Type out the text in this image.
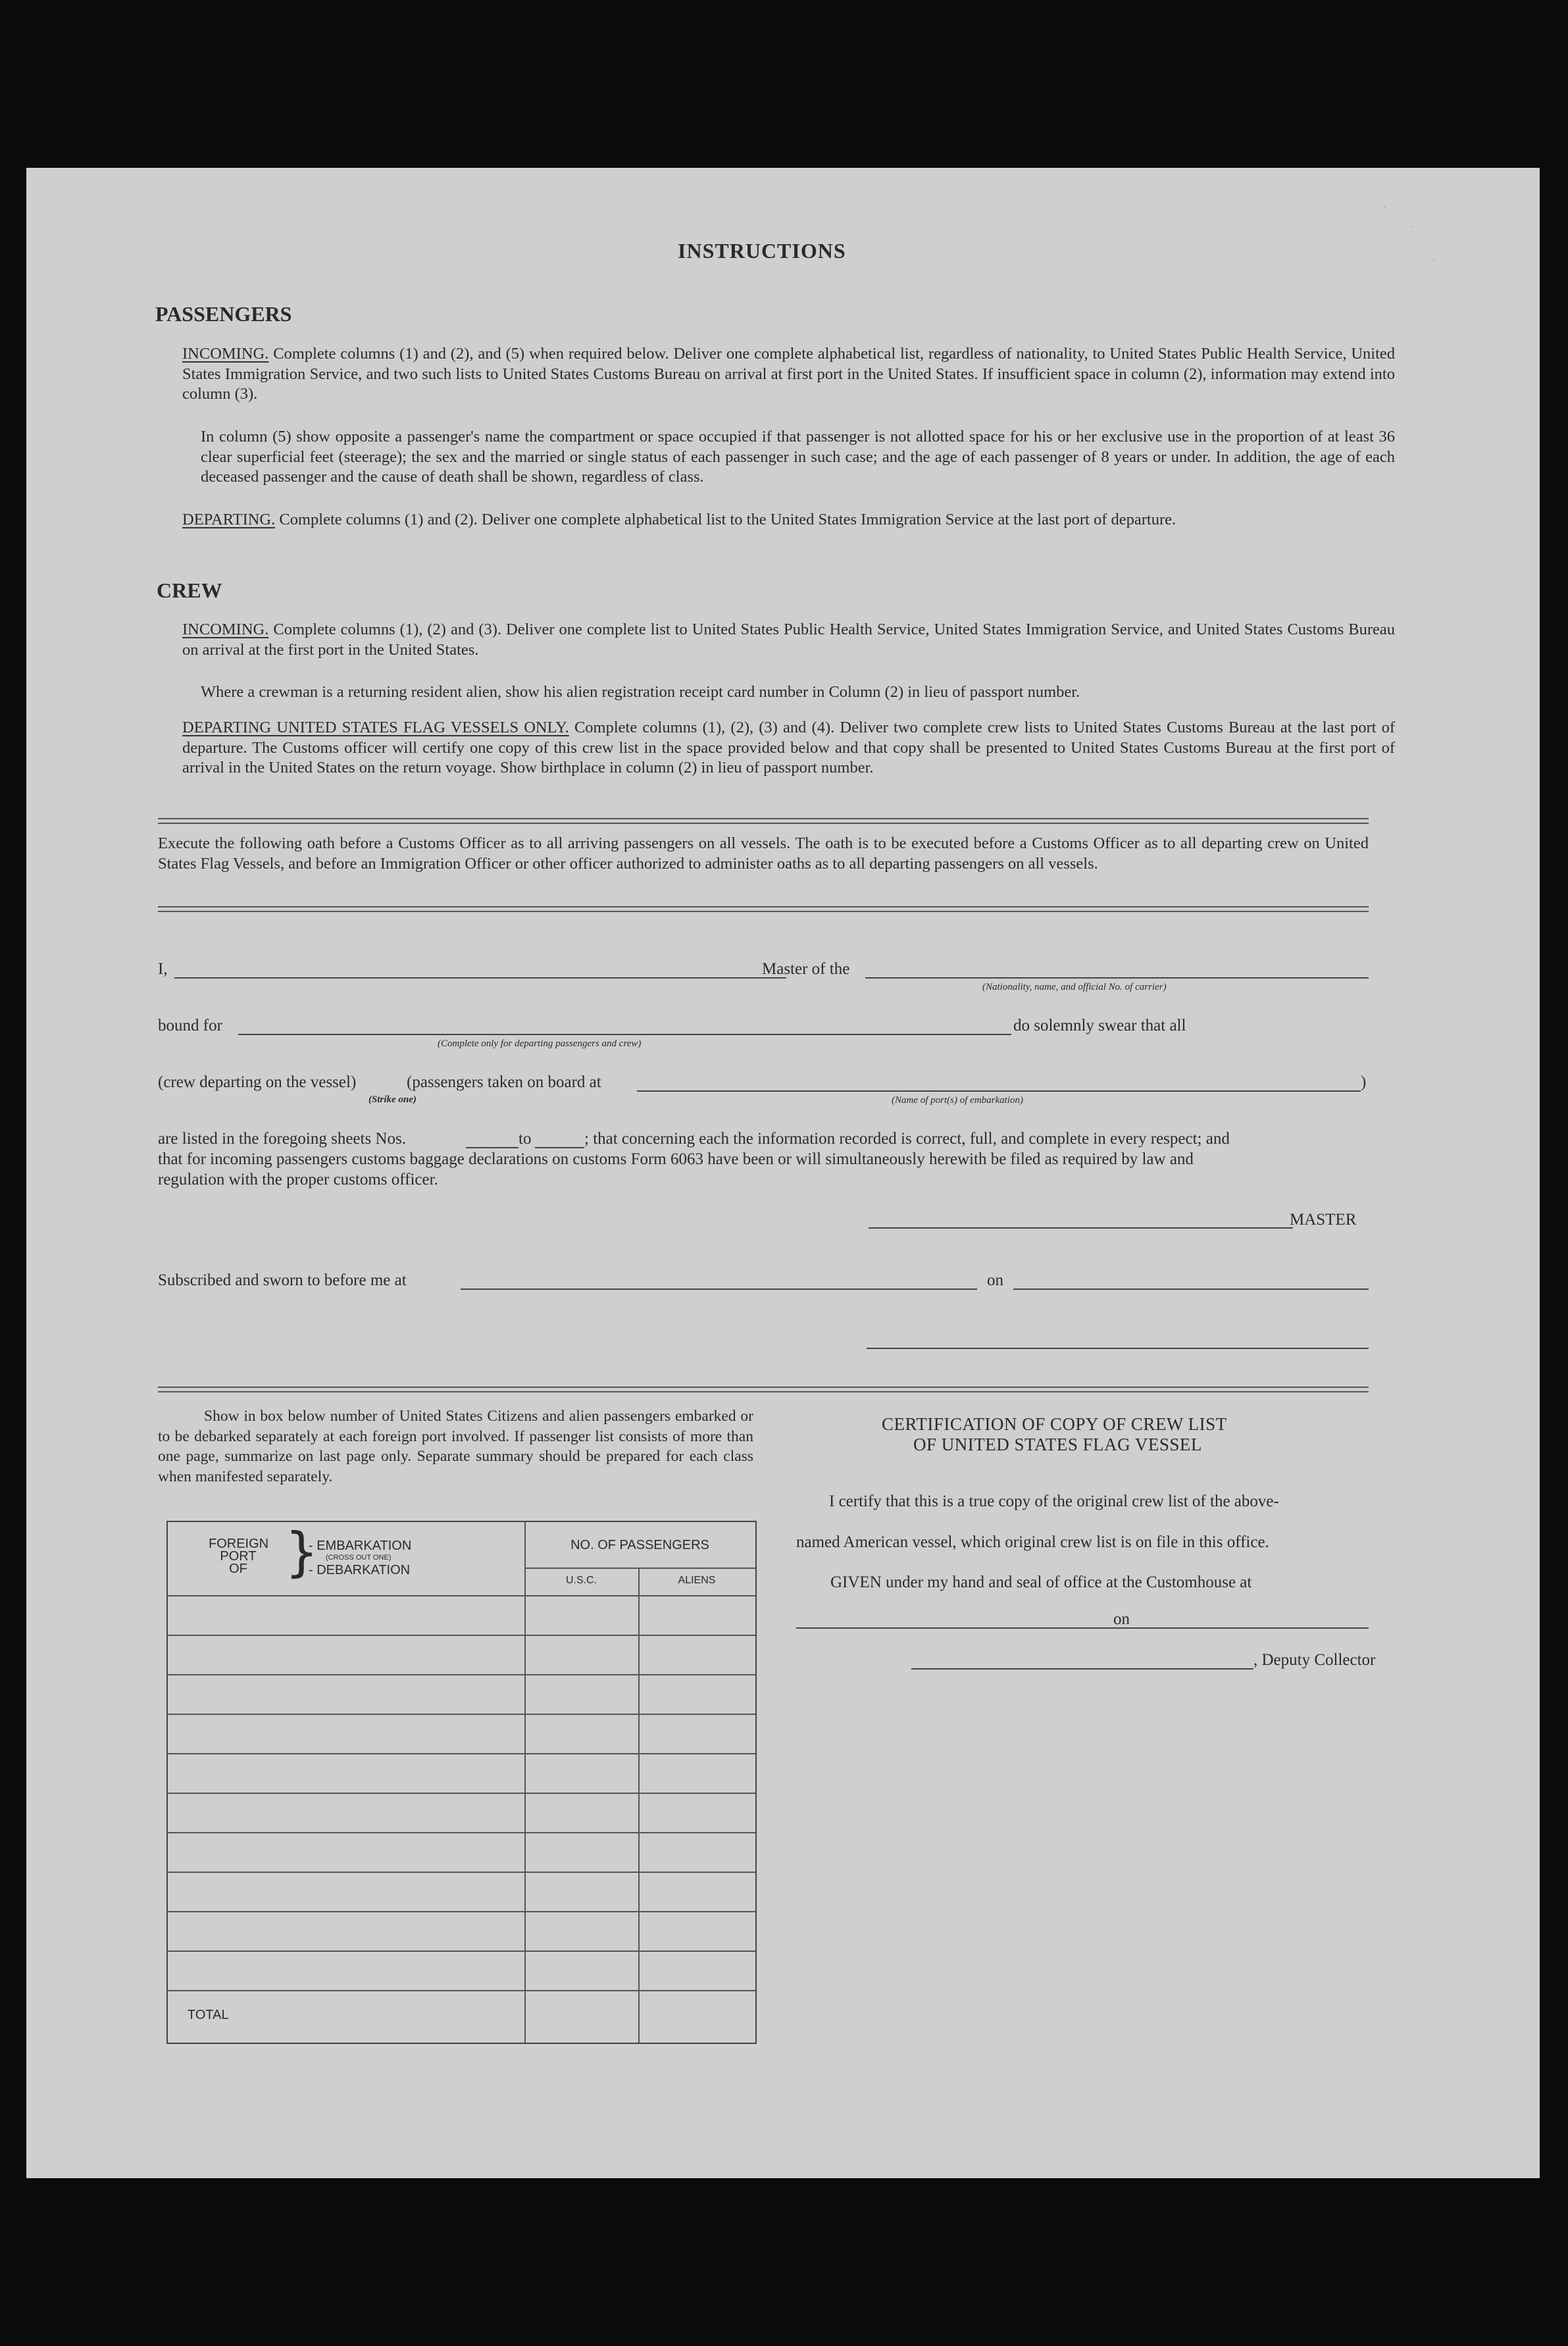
INSTRUCTIONS
PASSENGERS
INCOMING. Complete columns (1) and (2), and (5) when required below. Deliver one complete alphabetical list, regardless of nationality, to United States Public Health Service, United States Immigration Service, and two such lists to United States Customs Bureau on arrival at first port in the United States. If insufficient space in column (2), information may extend into column (3).
In column (5) show opposite a passenger's name the compartment or space occupied if that passenger is not allotted space for his or her exclusive use in the proportion of at least 36 clear superficial feet (steerage); the sex and the married or single status of each passenger in such case; and the age of each passenger of 8 years or under. In addition, the age of each deceased passenger and the cause of death shall be shown, regardless of class.
DEPARTING. Complete columns (1) and (2). Deliver one complete alphabetical list to the United States Immigration Service at the last port of departure.
CREW
INCOMING. Complete columns (1), (2) and (3). Deliver one complete list to United States Public Health Service, United States Immigration Service, and United States Customs Bureau on arrival at the first port in the United States.
Where a crewman is a returning resident alien, show his alien registration receipt card number in Column (2) in lieu of passport number.
DEPARTING UNITED STATES FLAG VESSELS ONLY. Complete columns (1), (2), (3) and (4). Deliver two complete crew lists to United States Customs Bureau at the last port of departure. The Customs officer will certify one copy of this crew list in the space provided below and that copy shall be presented to United States Customs Bureau at the first port of arrival in the United States on the return voyage. Show birthplace in column (2) in lieu of passport number.
Execute the following oath before a Customs Officer as to all arriving passengers on all vessels. The oath is to be executed before a Customs Officer as to all departing crew on United States Flag Vessels, and before an Immigration Officer or other officer authorized to administer oaths as to all departing passengers on all vessels.
I,	Master of the
(Nationality, name, and official No. of carrier)
bound for
(Complete only for departing passengers and crew)
do solemnly swear that all
(crew departing on the vessel)	(passengers taken on board at
(Strike one)	(Name of port(s) of embarkation)
)
are listed in the foregoing sheets Nos.	to	; that concerning each the information recorded is correct, full, and complete in every respect; and
that for incoming passengers customs baggage declarations on customs Form 6063 have been or will simultaneously herewith be filed as required by law and
regulation with the proper customs officer.
MASTER
Subscribed and sworn to before me at	on
Show in box below number of United States Citizens and alien passengers embarked or to be debarked separately at each foreign port involved. If passenger list consists of more than one page, summarize on last page only. Separate summary should be prepared for each class when manifested separately.
FOREIGN
PORT
OF }
- EMBARKATION
(CROSS OUT ONE)
- DEBARKATION
NO. OF PASSENGERS
U.S.C.	ALIENS
TOTAL
CERTIFICATION OF COPY OF CREW LIST
OF UNITED STATES FLAG VESSEL
I certify that this is a true copy of the original crew list of the above-
named American vessel, which original crew list is on file in this office.
GIVEN under my hand and seal of office at the Customhouse at
on
, Deputy Collector
